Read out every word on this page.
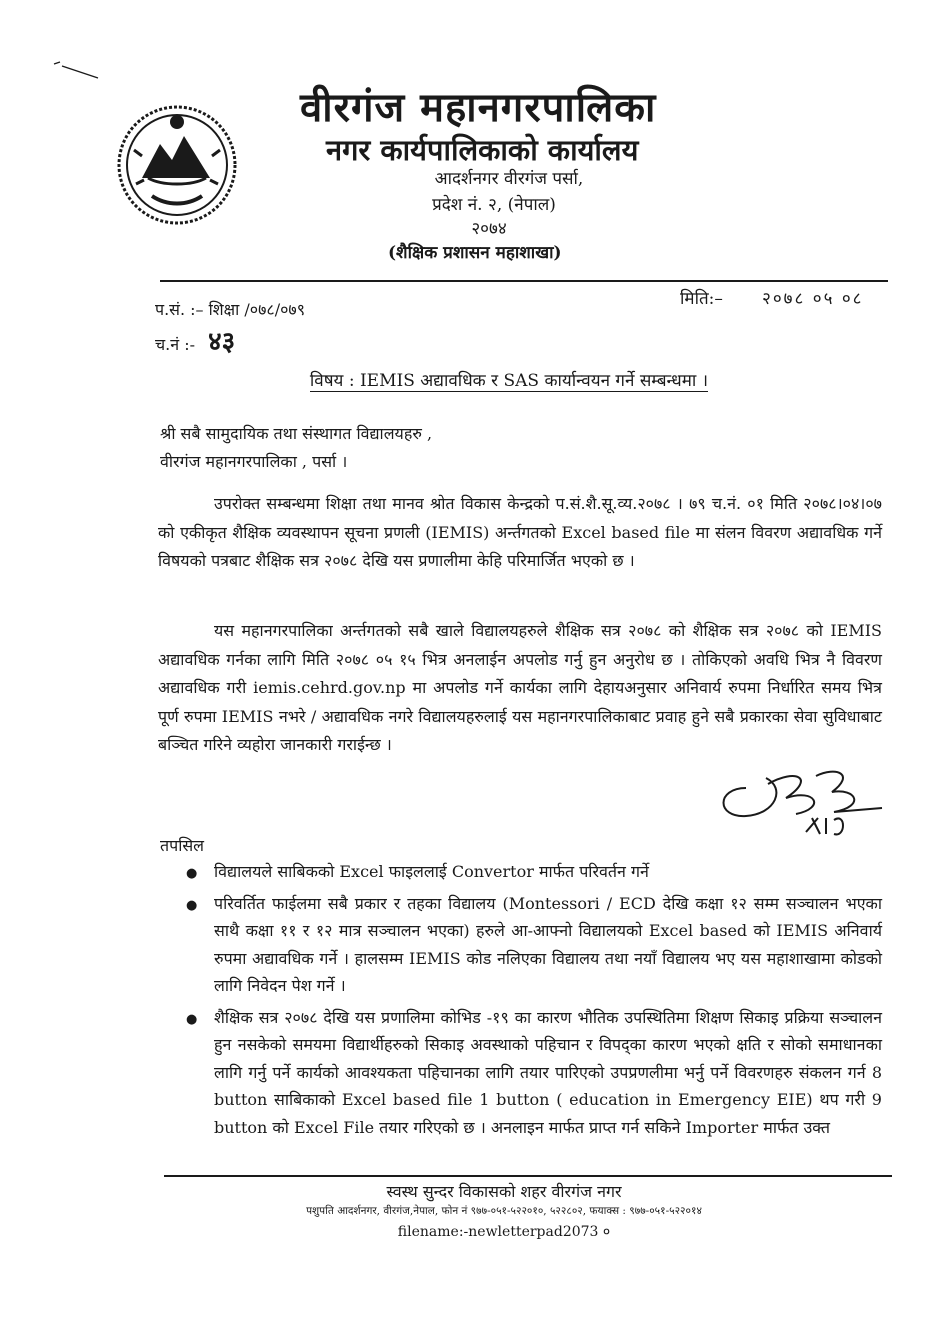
वीरगंज महानगरपालिका
नगर कार्यपालिकाको कार्यालय
आदर्शनगर वीरगंज पर्सा,
प्रदेश नं. २, (नेपाल)
२०७४
(शैक्षिक प्रशासन महाशाखा)
मिति:– २०७८ ०५ ०८
प.सं. :– शिक्षा /०७८/०७९
च.नं :- ४३
विषय : IEMIS अद्यावधिक र SAS कार्यान्वयन गर्ने सम्बन्धमा ।
श्री सबै सामुदायिक तथा संस्थागत विद्यालयहरु ,
वीरगंज महानगरपालिका , पर्सा ।
उपरोक्त सम्बन्धमा शिक्षा तथा मानव श्रोत विकास केन्द्रको प.सं.शै.सू.व्य.२०७८ । ७९ च.नं. ०१ मिति २०७८।०४।०७ को एकीकृत शैक्षिक व्यवस्थापन सूचना प्रणली (IEMIS) अर्न्तगतको Excel based file मा संलन विवरण अद्यावधिक गर्ने विषयको पत्रबाट शैक्षिक सत्र २०७८ देखि यस प्रणालीमा केहि परिमार्जित भएको छ ।
यस महानगरपालिका अर्न्तगतको सबै खाले विद्यालयहरुले शैक्षिक सत्र २०७८ को शैक्षिक सत्र २०७८ को IEMIS अद्यावधिक गर्नका लागि मिति २०७८ ०५ १५ भित्र अनलाईन अपलोड गर्नु हुन अनुरोध छ । तोकिएको अवधि भित्र नै विवरण अद्यावधिक गरी iemis.cehrd.gov.np मा अपलोड गर्ने कार्यका लागि देहायअनुसार अनिवार्य रुपमा निर्धारित समय भित्र पूर्ण रुपमा IEMIS नभरे / अद्यावधिक नगरे विद्यालयहरुलाई यस महानगरपालिकाबाट प्रवाह हुने सबै प्रकारका सेवा सुविधाबाट बञ्चित गरिने व्यहोरा जानकारी गराईन्छ ।
तपसिल
● विद्यालयले साबिकको Excel फाइललाई Convertor मार्फत परिवर्तन गर्ने
● परिवर्तित फाईलमा सबै प्रकार र तहका विद्यालय (Montessori / ECD देखि कक्षा १२ सम्म सञ्चालन भएका साथै कक्षा ११ र १२ मात्र सञ्चालन भएका) हरुले आ-आफ्नो विद्यालयको Excel based को IEMIS अनिवार्य रुपमा अद्यावधिक गर्ने । हालसम्म IEMIS कोड नलिएका विद्यालय तथा नयाँ विद्यालय भए यस महाशाखामा कोडको लागि निवेदन पेश गर्ने ।
● शैक्षिक सत्र २०७८ देखि यस प्रणालिमा कोभिड -१९ का कारण भौतिक उपस्थितिमा शिक्षण सिकाइ प्रक्रिया सञ्चालन हुन नसकेको समयमा विद्यार्थीहरुको सिकाइ अवस्थाको पहिचान र विपद्का कारण भएको क्षति र सोको समाधानका लागि गर्नु पर्ने कार्यको आवश्यकता पहिचानका लागि तयार पारिएको उपप्रणलीमा भर्नु पर्ने विवरणहरु संकलन गर्न 8 button साबिकाको Excel based file 1 button ( education in Emergency EIE) थप गरी 9 button को Excel File तयार गरिएको छ । अनलाइन मार्फत प्राप्त गर्न सकिने Importer मार्फत उक्त
स्वस्थ सुन्दर विकासको शहर वीरगंज नगर
पशुपति आदर्शनगर, वीरगंज,नेपाल, फोन नं ९७७-०५१-५२२०१०, ५२२८०२, फयाक्स : ९७७-०५१-५२२०१४
filename:-newletterpad2073 ०
